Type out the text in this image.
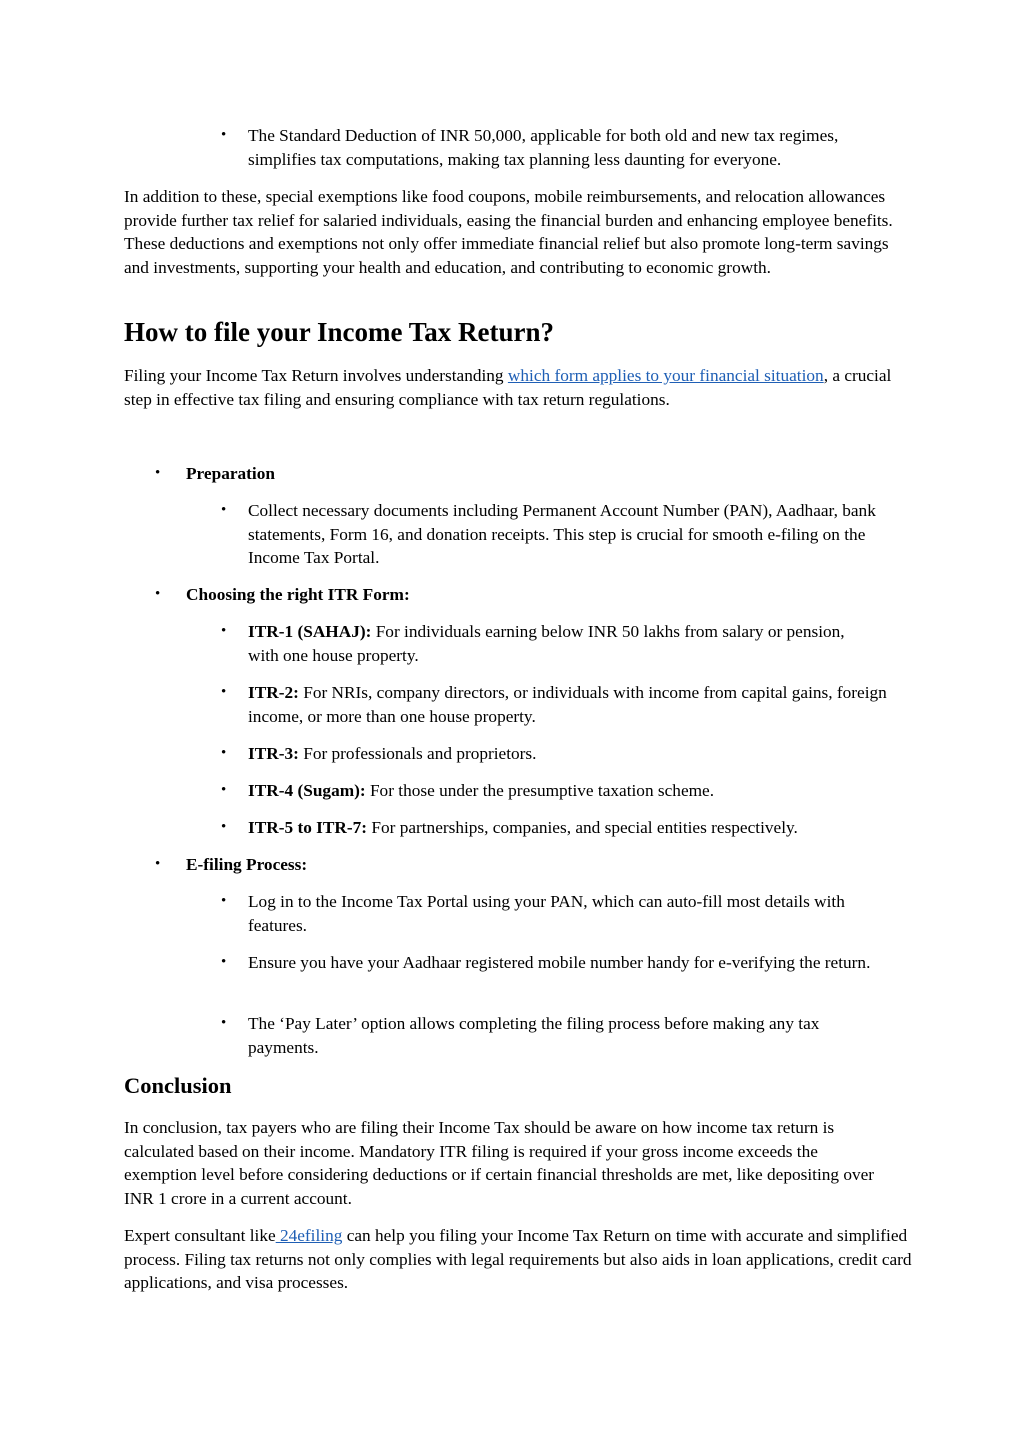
• The Standard Deduction of INR 50,000, applicable for both old and new tax regimes, simplifies tax computations, making tax planning less daunting for everyone.

In addition to these, special exemptions like food coupons, mobile reimbursements, and relocation allowances provide further tax relief for salaried individuals, easing the financial burden and enhancing employee benefits. These deductions and exemptions not only offer immediate financial relief but also promote long-term savings and investments, supporting your health and education, and contributing to economic growth.

How to file your Income Tax Return?

Filing your Income Tax Return involves understanding which form applies to your financial situation, a crucial step in effective tax filing and ensuring compliance with tax return regulations.

• Preparation

• Collect necessary documents including Permanent Account Number (PAN), Aadhaar, bank statements, Form 16, and donation receipts. This step is crucial for smooth e-filing on the Income Tax Portal.

• Choosing the right ITR Form:

• ITR-1 (SAHAJ): For individuals earning below INR 50 lakhs from salary or pension, with one house property.

• ITR-2: For NRIs, company directors, or individuals with income from capital gains, foreign income, or more than one house property.

• ITR-3: For professionals and proprietors.

• ITR-4 (Sugam): For those under the presumptive taxation scheme.

• ITR-5 to ITR-7: For partnerships, companies, and special entities respectively.

• E-filing Process:

• Log in to the Income Tax Portal using your PAN, which can auto-fill most details with features.

• Ensure you have your Aadhaar registered mobile number handy for e-verifying the return.

• The ‘Pay Later’ option allows completing the filing process before making any tax payments.

Conclusion

In conclusion, tax payers who are filing their Income Tax should be aware on how income tax return is calculated based on their income. Mandatory ITR filing is required if your gross income exceeds the exemption level before considering deductions or if certain financial thresholds are met, like depositing over INR 1 crore in a current account.

Expert consultant like 24efiling can help you filing your Income Tax Return on time with accurate and simplified process. Filing tax returns not only complies with legal requirements but also aids in loan applications, credit card applications, and visa processes.
